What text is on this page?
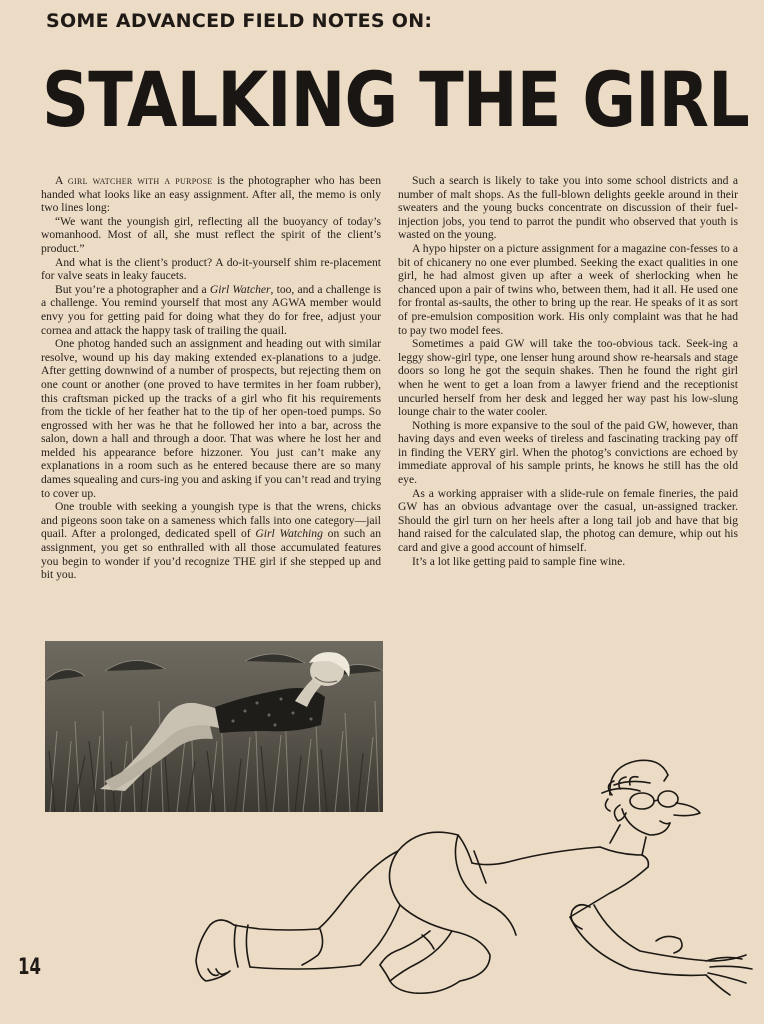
SOME ADVANCED FIELD NOTES ON:
STALKING THE GIRL

A girl watcher with a purpose is the photographer who has been handed what looks like an easy assignment. After all, the memo is only two lines long:

“We want the youngish girl, reflecting all the buoyancy of today’s womanhood. Most of all, she must reflect the spirit of the client’s product.”

And what is the client’s product? A do-it-yourself shim re-placement for valve seats in leaky faucets.

But you’re a photographer and a Girl Watcher, too, and a challenge is a challenge. You remind yourself that most any AGWA member would envy you for getting paid for doing what they do for free, adjust your cornea and attack the happy task of trailing the quail.

One photog handed such an assignment and heading out with similar resolve, wound up his day making extended ex-planations to a judge. After getting downwind of a number of prospects, but rejecting them on one count or another (one proved to have termites in her foam rubber), this craftsman picked up the tracks of a girl who fit his requirements from the tickle of her feather hat to the tip of her open-toed pumps. So engrossed with her was he that he followed her into a bar, across the salon, down a hall and through a door. That was where he lost her and melded his appearance before hizzoner. You just can’t make any explanations in a room such as he entered because there are so many dames squealing and curs-ing you and asking if you can’t read and trying to cover up.

One trouble with seeking a youngish type is that the wrens, chicks and pigeons soon take on a sameness which falls into one category—jail quail. After a prolonged, dedicated spell of Girl Watching on such an assignment, you get so enthralled with all those accumulated features you begin to wonder if you’d recognize THE girl if she stepped up and bit you.

Such a search is likely to take you into some school districts and a number of malt shops. As the full-blown delights geekle around in their sweaters and the young bucks concentrate on discussion of their fuel-injection jobs, you tend to parrot the pundit who observed that youth is wasted on the young.

A hypo hipster on a picture assignment for a magazine con-fesses to a bit of chicanery no one ever plumbed. Seeking the exact qualities in one girl, he had almost given up after a week of sherlocking when he chanced upon a pair of twins who, between them, had it all. He used one for frontal as-saults, the other to bring up the rear. He speaks of it as sort of pre-emulsion composition work. His only complaint was that he had to pay two model fees.

Sometimes a paid GW will take the too-obvious tack. Seek-ing a leggy show-girl type, one lenser hung around show re-hearsals and stage doors so long he got the sequin shakes. Then he found the right girl when he went to get a loan from a lawyer friend and the receptionist uncurled herself from her desk and legged her way past his low-slung lounge chair to the water cooler.

Nothing is more expansive to the soul of the paid GW, however, than having days and even weeks of tireless and fascinating tracking pay off in finding the VERY girl. When the photog’s convictions are echoed by immediate approval of his sample prints, he knows he still has the old eye.

As a working appraiser with a slide-rule on female fineries, the paid GW has an obvious advantage over the casual, un-assigned tracker. Should the girl turn on her heels after a long tail job and have that big hand raised for the calculated slap, the photog can demure, whip out his card and give a good account of himself.

It’s a lot like getting paid to sample fine wine.

14
